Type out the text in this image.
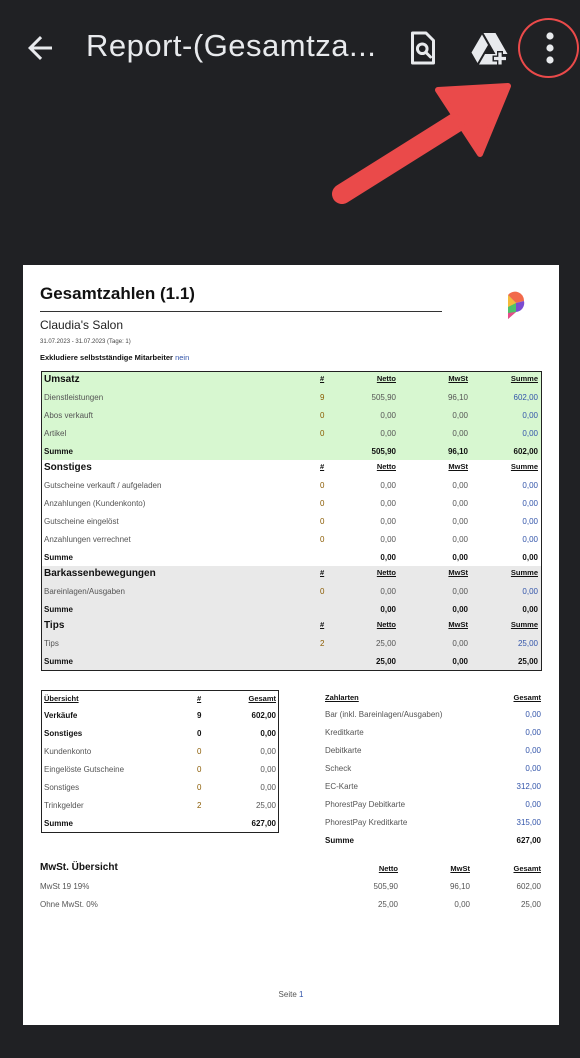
Report-(Gesamtza...
Gesamtzahlen (1.1)
Claudia's Salon
31.07.2023 - 31.07.2023 (Tage: 1)
Exkludiere selbstständige Mitarbeiter nein
Umsatz	#	Netto	MwSt	Summe
Dienstleistungen	9	505,90	96,10	602,00
Abos verkauft	0	0,00	0,00	0,00
Artikel	0	0,00	0,00	0,00
Summe	505,90	96,10	602,00
Sonstiges	#	Netto	MwSt	Summe
Gutscheine verkauft / aufgeladen	0	0,00	0,00	0,00
Anzahlungen (Kundenkonto)	0	0,00	0,00	0,00
Gutscheine eingelöst	0	0,00	0,00	0,00
Anzahlungen verrechnet	0	0,00	0,00	0,00
Summe	0,00	0,00	0,00
Barkassenbewegungen	#	Netto	MwSt	Summe
Bareinlagen/Ausgaben	0	0,00	0,00	0,00
Summe	0,00	0,00	0,00
Tips	#	Netto	MwSt	Summe
Tips	2	25,00	0,00	25,00
Summe	25,00	0,00	25,00
Übersicht	#	Gesamt
Verkäufe	9	602,00
Sonstiges	0	0,00
Kundenkonto	0	0,00
Eingelöste Gutscheine	0	0,00
Sonstiges	0	0,00
Trinkgelder	2	25,00
Summe	627,00
Zahlarten	Gesamt
Bar (inkl. Bareinlagen/Ausgaben)	0,00
Kreditkarte	0,00
Debitkarte	0,00
Scheck	0,00
EC-Karte	312,00
PhorestPay Debitkarte	0,00
PhorestPay Kreditkarte	315,00
Summe	627,00
MwSt. Übersicht	Netto	MwSt	Gesamt
MwSt 19 19%	505,90	96,10	602,00
Ohne MwSt. 0%	25,00	0,00	25,00
Seite 1
